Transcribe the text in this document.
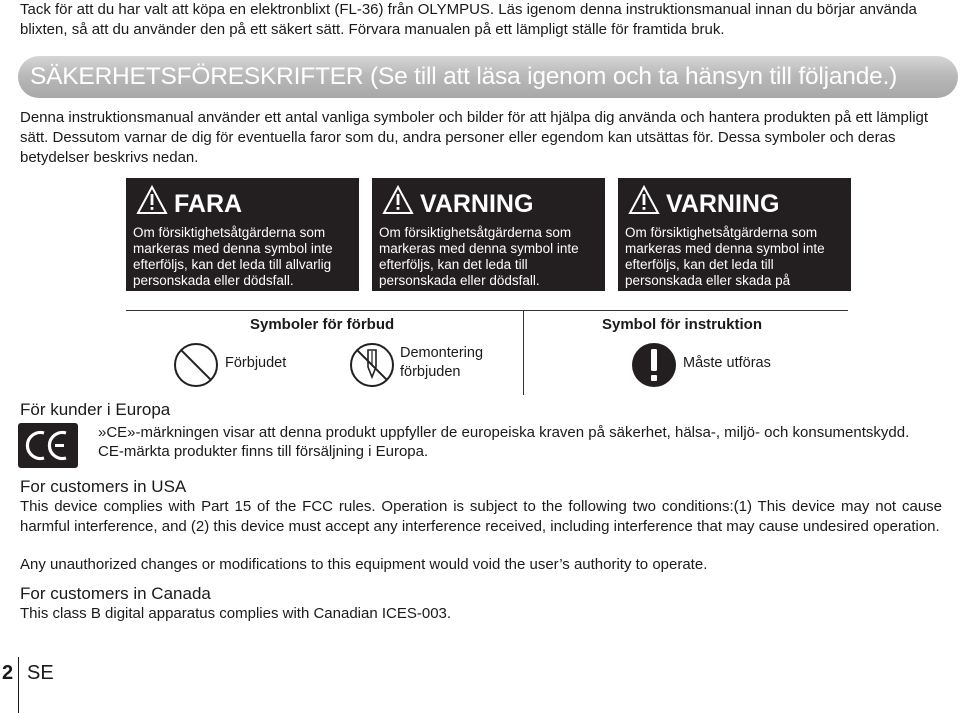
Tack för att du har valt att köpa en elektronblixt (FL-36) från OLYMPUS. Läs igenom denna instruktionsmanual innan du börjar använda blixten, så att du använder den på ett säkert sätt. Förvara manualen på ett lämpligt ställe för framtida bruk.

SÄKERHETSFÖRESKRIFTER (Se till att läsa igenom och ta hänsyn till följande.)

Denna instruktionsmanual använder ett antal vanliga symboler och bilder för att hjälpa dig använda och hantera produkten på ett lämpligt sätt. Dessutom varnar de dig för eventuella faror som du, andra personer eller egendom kan utsättas för. Dessa symboler och deras betydelser beskrivs nedan.

FARA
Om försiktighetsåtgärderna som markeras med denna symbol inte efterföljs, kan det leda till allvarlig personskada eller dödsfall.
VARNING
Om försiktighetsåtgärderna som markeras med denna symbol inte efterföljs, kan det leda till personskada eller dödsfall.
VARNING
Om försiktighetsåtgärderna som markeras med denna symbol inte efterföljs, kan det leda till personskada eller skada på egendom.
Symboler för förbud	Symbol för instruktion
Förbjudet
Demontering
förbjuden
Måste utföras
För kunder i Europa

»CE»-märkningen visar att denna produkt uppfyller de europeiska kraven på säkerhet, hälsa-, miljö- och konsumentskydd.

CE-märkta produkter finns till försäljning i Europa.

For customers in USA

This device complies with Part 15 of the FCC rules. Operation is subject to the following two conditions:(1) This device may not cause harmful interference, and (2) this device must accept any interference received, including interference that may cause undesired operation.

Any unauthorized changes or modifications to this equipment would void the user’s authority to operate.

For customers in Canada

This class B digital apparatus complies with Canadian ICES-003.

2 SE
